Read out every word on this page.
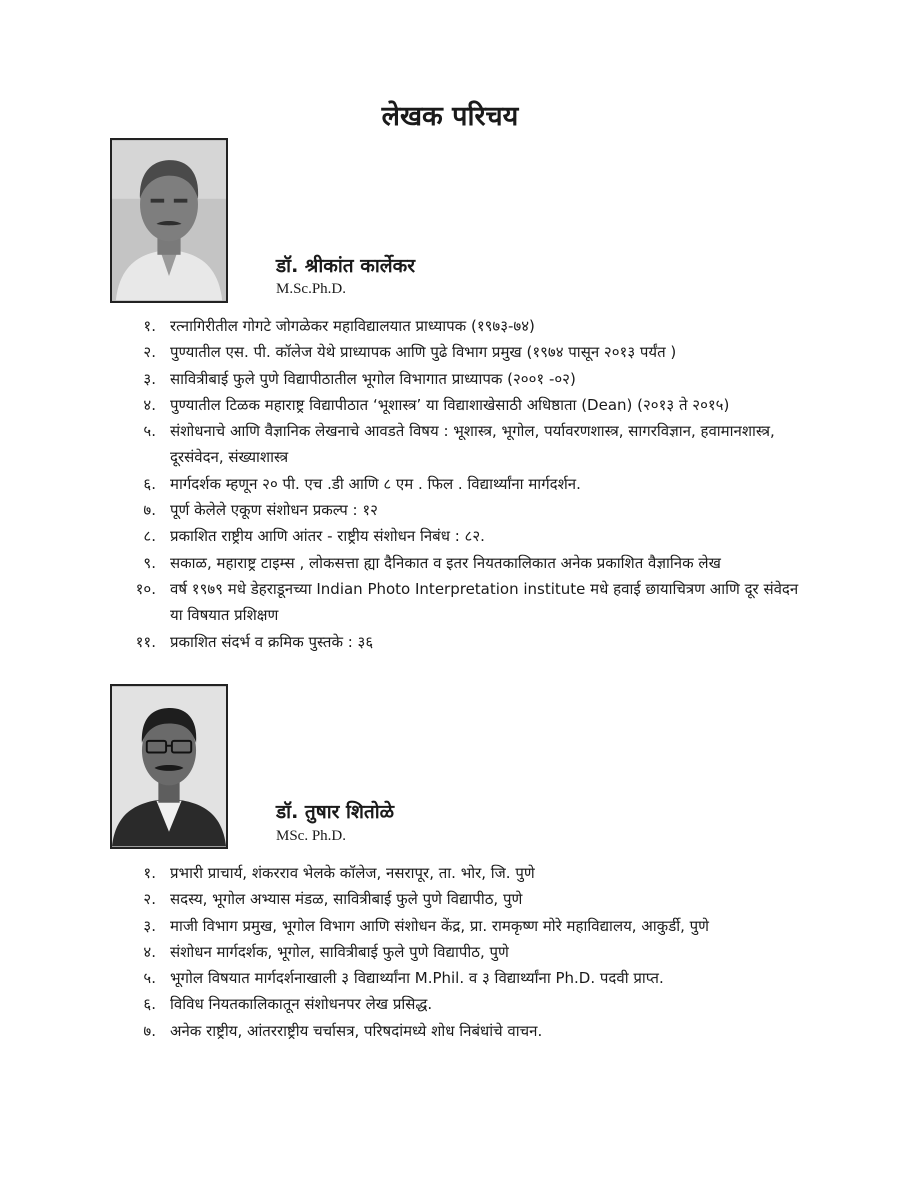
लेखक परिचय
डॉ. श्रीकांत कार्लेकर
M.Sc.Ph.D.
१. रत्नागिरीतील गोगटे जोगळेकर महाविद्यालयात प्राध्यापक (१९७३-७४)
२. पुण्यातील एस. पी. कॉलेज येथे प्राध्यापक आणि पुढे विभाग प्रमुख (१९७४ पासून २०१३ पर्यंत )
३. सावित्रीबाई फुले पुणे विद्यापीठातील भूगोल विभागात प्राध्यापक (२००१ -०२)
४. पुण्यातील टिळक महाराष्ट्र विद्यापीठात ‘भूशास्त्र’ या विद्याशाखेसाठी अधिष्ठाता (Dean) (२०१३ ते २०१५)
५. संशोधनाचे आणि वैज्ञानिक लेखनाचे आवडते विषय : भूशास्त्र, भूगोल, पर्यावरणशास्त्र, सागरविज्ञान, हवामानशास्त्र, दूरसंवेदन, संख्याशास्त्र
६. मार्गदर्शक म्हणून २० पी. एच .डी आणि ८ एम . फिल . विद्यार्थ्यांना मार्गदर्शन.
७. पूर्ण केलेले एकूण संशोधन प्रकल्प : १२
८. प्रकाशित राष्ट्रीय आणि आंतर - राष्ट्रीय संशोधन निबंध : ८२.
९. सकाळ, महाराष्ट्र टाइम्स , लोकसत्ता ह्या दैनिकात व इतर नियतकालिकात अनेक प्रकाशित वैज्ञानिक लेख
१०. वर्ष १९७९ मधे डेहराडूनच्या Indian Photo Interpretation institute मधे हवाई छायाचित्रण आणि दूर संवेदन या विषयात प्रशिक्षण
११. प्रकाशित संदर्भ व क्रमिक पुस्तके : ३६
डॉ. तुषार शितोळे
MSc. Ph.D.
१. प्रभारी प्राचार्य, शंकरराव भेलके कॉलेज, नसरापूर, ता. भोर, जि. पुणे
२. सदस्य, भूगोल अभ्यास मंडळ, सावित्रीबाई फुले पुणे विद्यापीठ, पुणे
३. माजी विभाग प्रमुख, भूगोल विभाग आणि संशोधन केंद्र, प्रा. रामकृष्ण मोरे महाविद्यालय, आकुर्डी, पुणे
४. संशोधन मार्गदर्शक, भूगोल, सावित्रीबाई फुले पुणे विद्यापीठ, पुणे
५. भूगोल विषयात मार्गदर्शनाखाली ३ विद्यार्थ्यांना M.Phil. व ३ विद्यार्थ्यांना Ph.D. पदवी प्राप्त.
६. विविध नियतकालिकातून संशोधनपर लेख प्रसिद्ध.
७. अनेक राष्ट्रीय, आंतरराष्ट्रीय चर्चासत्र, परिषदांमध्ये शोध निबंधांचे वाचन.
